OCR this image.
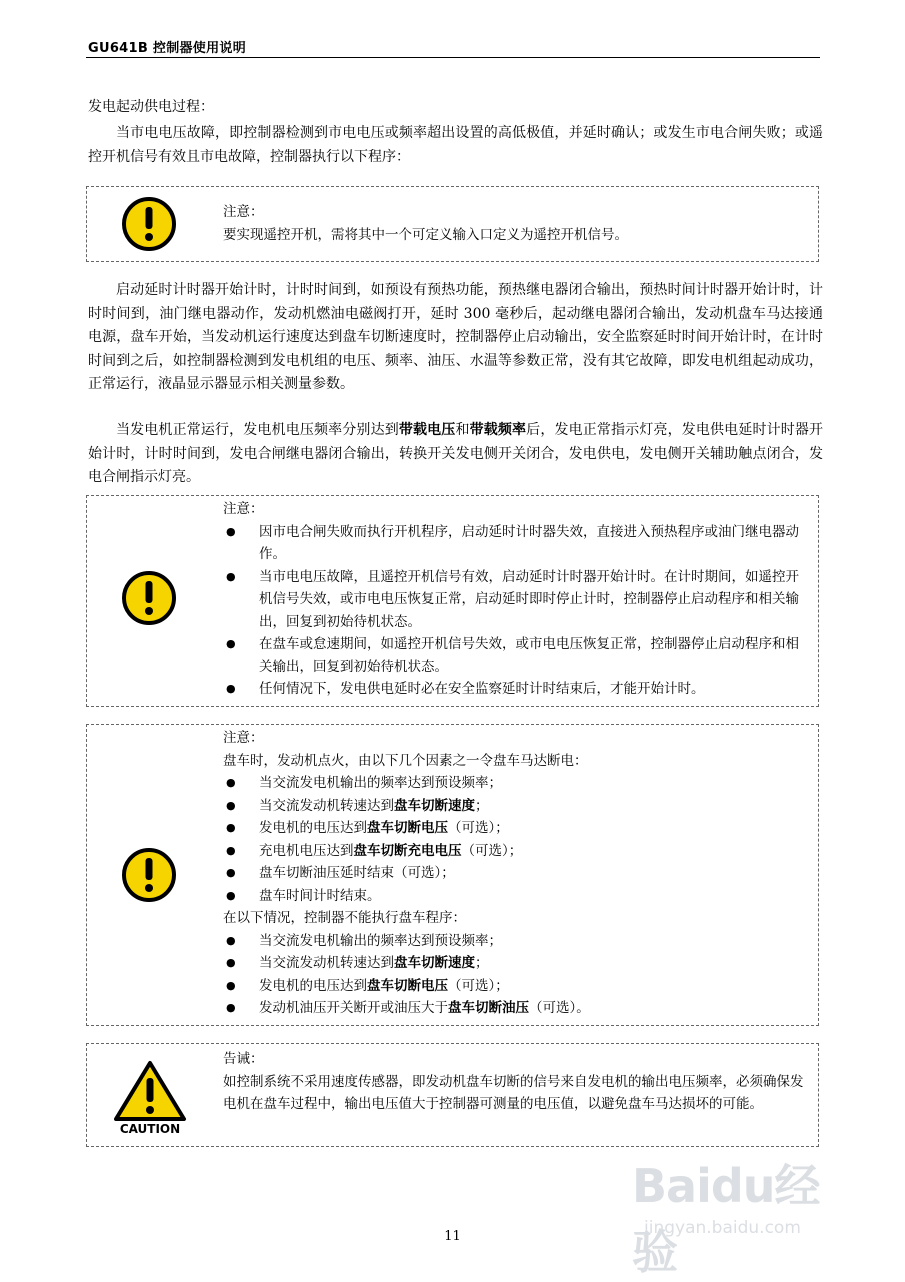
GU641B 控制器使用说明
发电起动供电过程：

当市电电压故障，即控制器检测到市电电压或频率超出设置的高低极值，并延时确认；或发生市电合闸失败；或遥控开机信号有效且市电故障，控制器执行以下程序：

注意：
要实现遥控开机，需将其中一个可定义输入口定义为遥控开机信号。

启动延时计时器开始计时，计时时间到，如预设有预热功能，预热继电器闭合输出，预热时间计时器开始计时，计时时间到，油门继电器动作，发动机燃油电磁阀打开，延时 300 毫秒后，起动继电器闭合输出，发动机盘车马达接通电源，盘车开始，当发动机运行速度达到盘车切断速度时，控制器停止启动输出，安全监察延时时间开始计时，在计时时间到之后，如控制器检测到发电机组的电压、频率、油压、水温等参数正常，没有其它故障，即发电机组起动成功，正常运行，液晶显示器显示相关测量参数。

当发电机正常运行，发电机电压频率分别达到带载电压和带载频率后，发电正常指示灯亮，发电供电延时计时器开始计时，计时时间到，发电合闸继电器闭合输出，转换开关发电侧开关闭合，发电供电，发电侧开关辅助触点闭合，发电合闸指示灯亮。

注意：
● 因市电合闸失败而执行开机程序，启动延时计时器失效，直接进入预热程序或油门继电器动作。
● 当市电电压故障，且遥控开机信号有效，启动延时计时器开始计时。在计时期间，如遥控开机信号失效，或市电电压恢复正常，启动延时即时停止计时，控制器停止启动程序和相关输出，回复到初始待机状态。
● 在盘车或怠速期间，如遥控开机信号失效，或市电电压恢复正常，控制器停止启动程序和相关输出，回复到初始待机状态。
● 任何情况下，发电供电延时必在安全监察延时计时结束后，才能开始计时。
注意：
盘车时，发动机点火，由以下几个因素之一令盘车马达断电：
● 当交流发电机输出的频率达到预设频率；
● 当交流发动机转速达到盘车切断速度；
● 发电机的电压达到盘车切断电压（可选）；
● 充电机电压达到盘车切断充电电压（可选）；
● 盘车切断油压延时结束（可选）；
● 盘车时间计时结束。
在以下情况，控制器不能执行盘车程序：
● 当交流发电机输出的频率达到预设频率；
● 当交流发动机转速达到盘车切断速度；
● 发电机的电压达到盘车切断电压（可选）；
● 发动机油压开关断开或油压大于盘车切断油压（可选）。
CAUTION
告诫：
如控制系统不采用速度传感器，即发动机盘车切断的信号来自发电机的输出电压频率，必须确保发电机在盘车过程中，输出电压值大于控制器可测量的电压值，以避免盘车马达损坏的可能。
Baidu经验
jingyan.baidu.com
11
